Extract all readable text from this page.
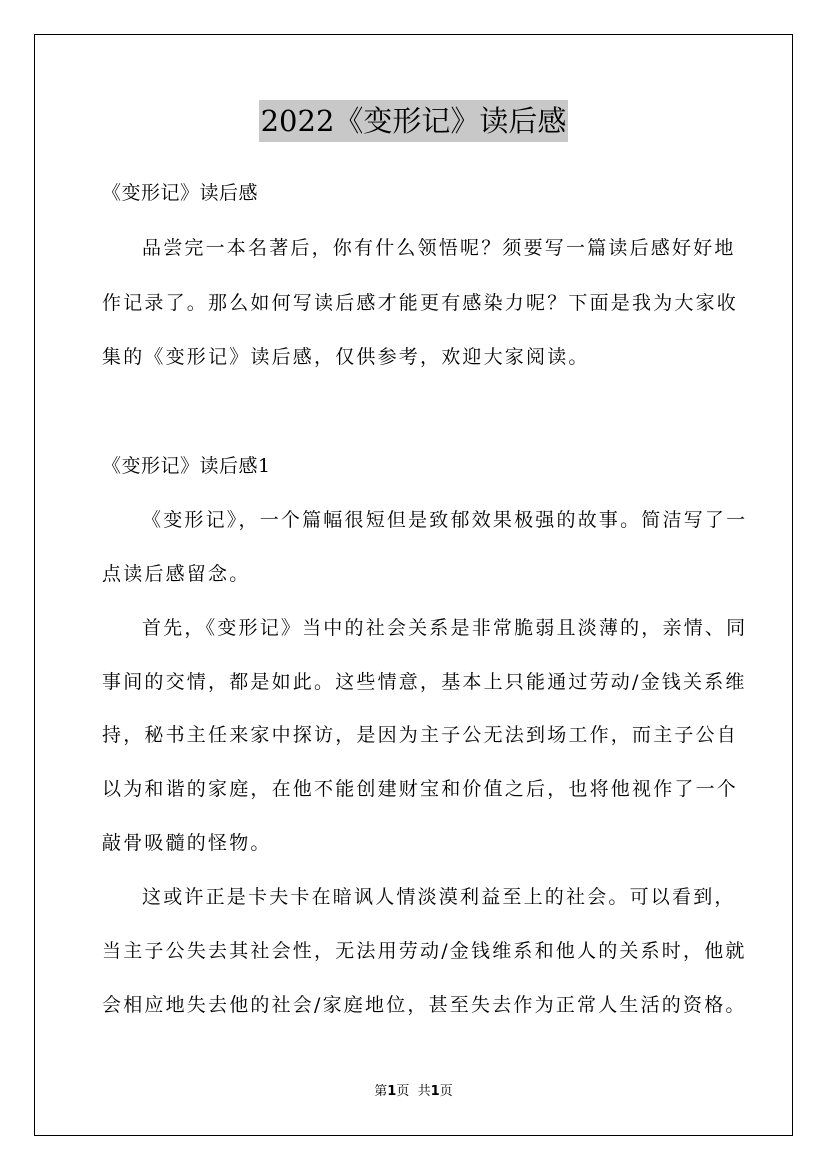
2022《变形记》读后感
《变形记》读后感
品尝完一本名著后，你有什么领悟呢？须要写一篇读后感好好地
作记录了。那么如何写读后感才能更有感染力呢？下面是我为大家收
集的《变形记》读后感，仅供参考，欢迎大家阅读。
《变形记》读后感1
《变形记》，一个篇幅很短但是致郁效果极强的故事。简洁写了一
点读后感留念。
首先，《变形记》当中的社会关系是非常脆弱且淡薄的，亲情、同
事间的交情，都是如此。这些情意，基本上只能通过劳动/金钱关系维
持，秘书主任来家中探访，是因为主子公无法到场工作，而主子公自
以为和谐的家庭，在他不能创建财宝和价值之后，也将他视作了一个
敲骨吸髓的怪物。
这或许正是卡夫卡在暗讽人情淡漠利益至上的社会。可以看到，
当主子公失去其社会性，无法用劳动/金钱维系和他人的关系时，他就
会相应地失去他的社会/家庭地位，甚至失去作为正常人生活的资格。
第1页 共1页
